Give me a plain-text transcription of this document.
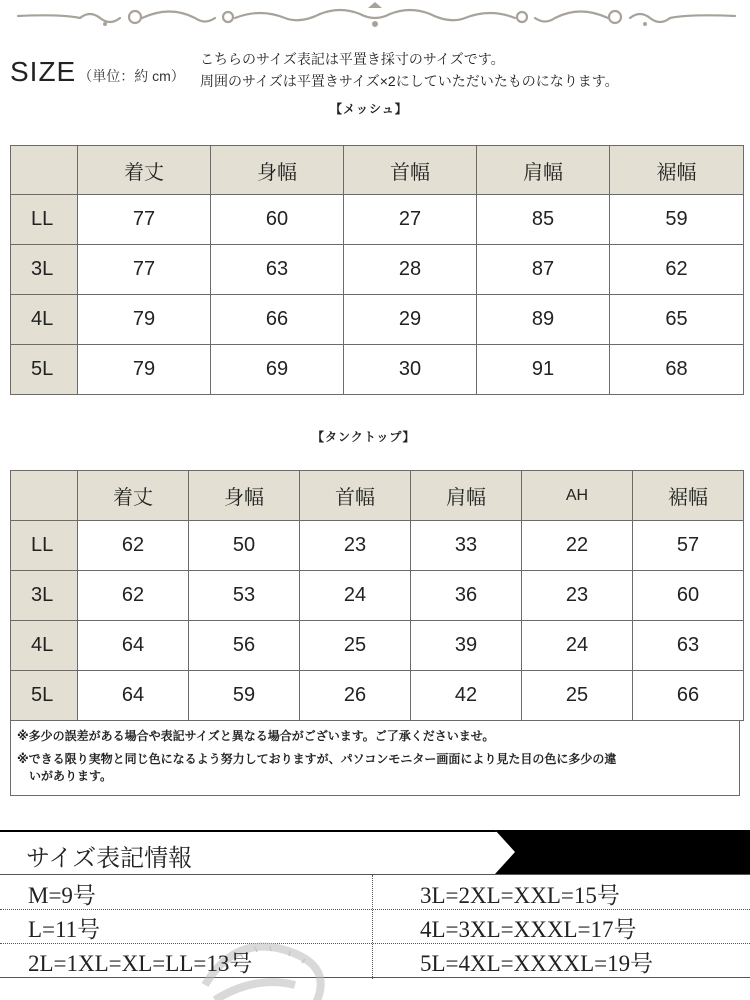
SIZE （単位：約 cm）
こちらのサイズ表記は平置き採寸のサイズです。
周囲のサイズは平置きサイズ×2にしていただいたものになります。
【メッシュ】
	着丈	身幅	首幅	肩幅	裾幅
LL	77	60	27	85	59
3L	77	63	28	87	62
4L	79	66	29	89	65
5L	79	69	30	91	68
【タンクトップ】
	着丈	身幅	首幅	肩幅	AH	裾幅
LL	62	50	23	33	22	57
3L	62	53	24	36	23	60
4L	64	56	25	39	24	63
5L	64	59	26	42	25	66

※多少の誤差がある場合や表記サイズと異なる場合がございます。ご了承くださいませ。

※できる限り実物と同じ色になるよう努力しておりますが、パソコンモニター画面により見た目の色に多少の違

いがあります。

サイズ表記情報
M=9号
L=11号
2L=1XL=XL=LL=13号
3L=2XL=XXL=15号
4L=3XL=XXXL=17号
5L=4XL=XXXXL=19号
